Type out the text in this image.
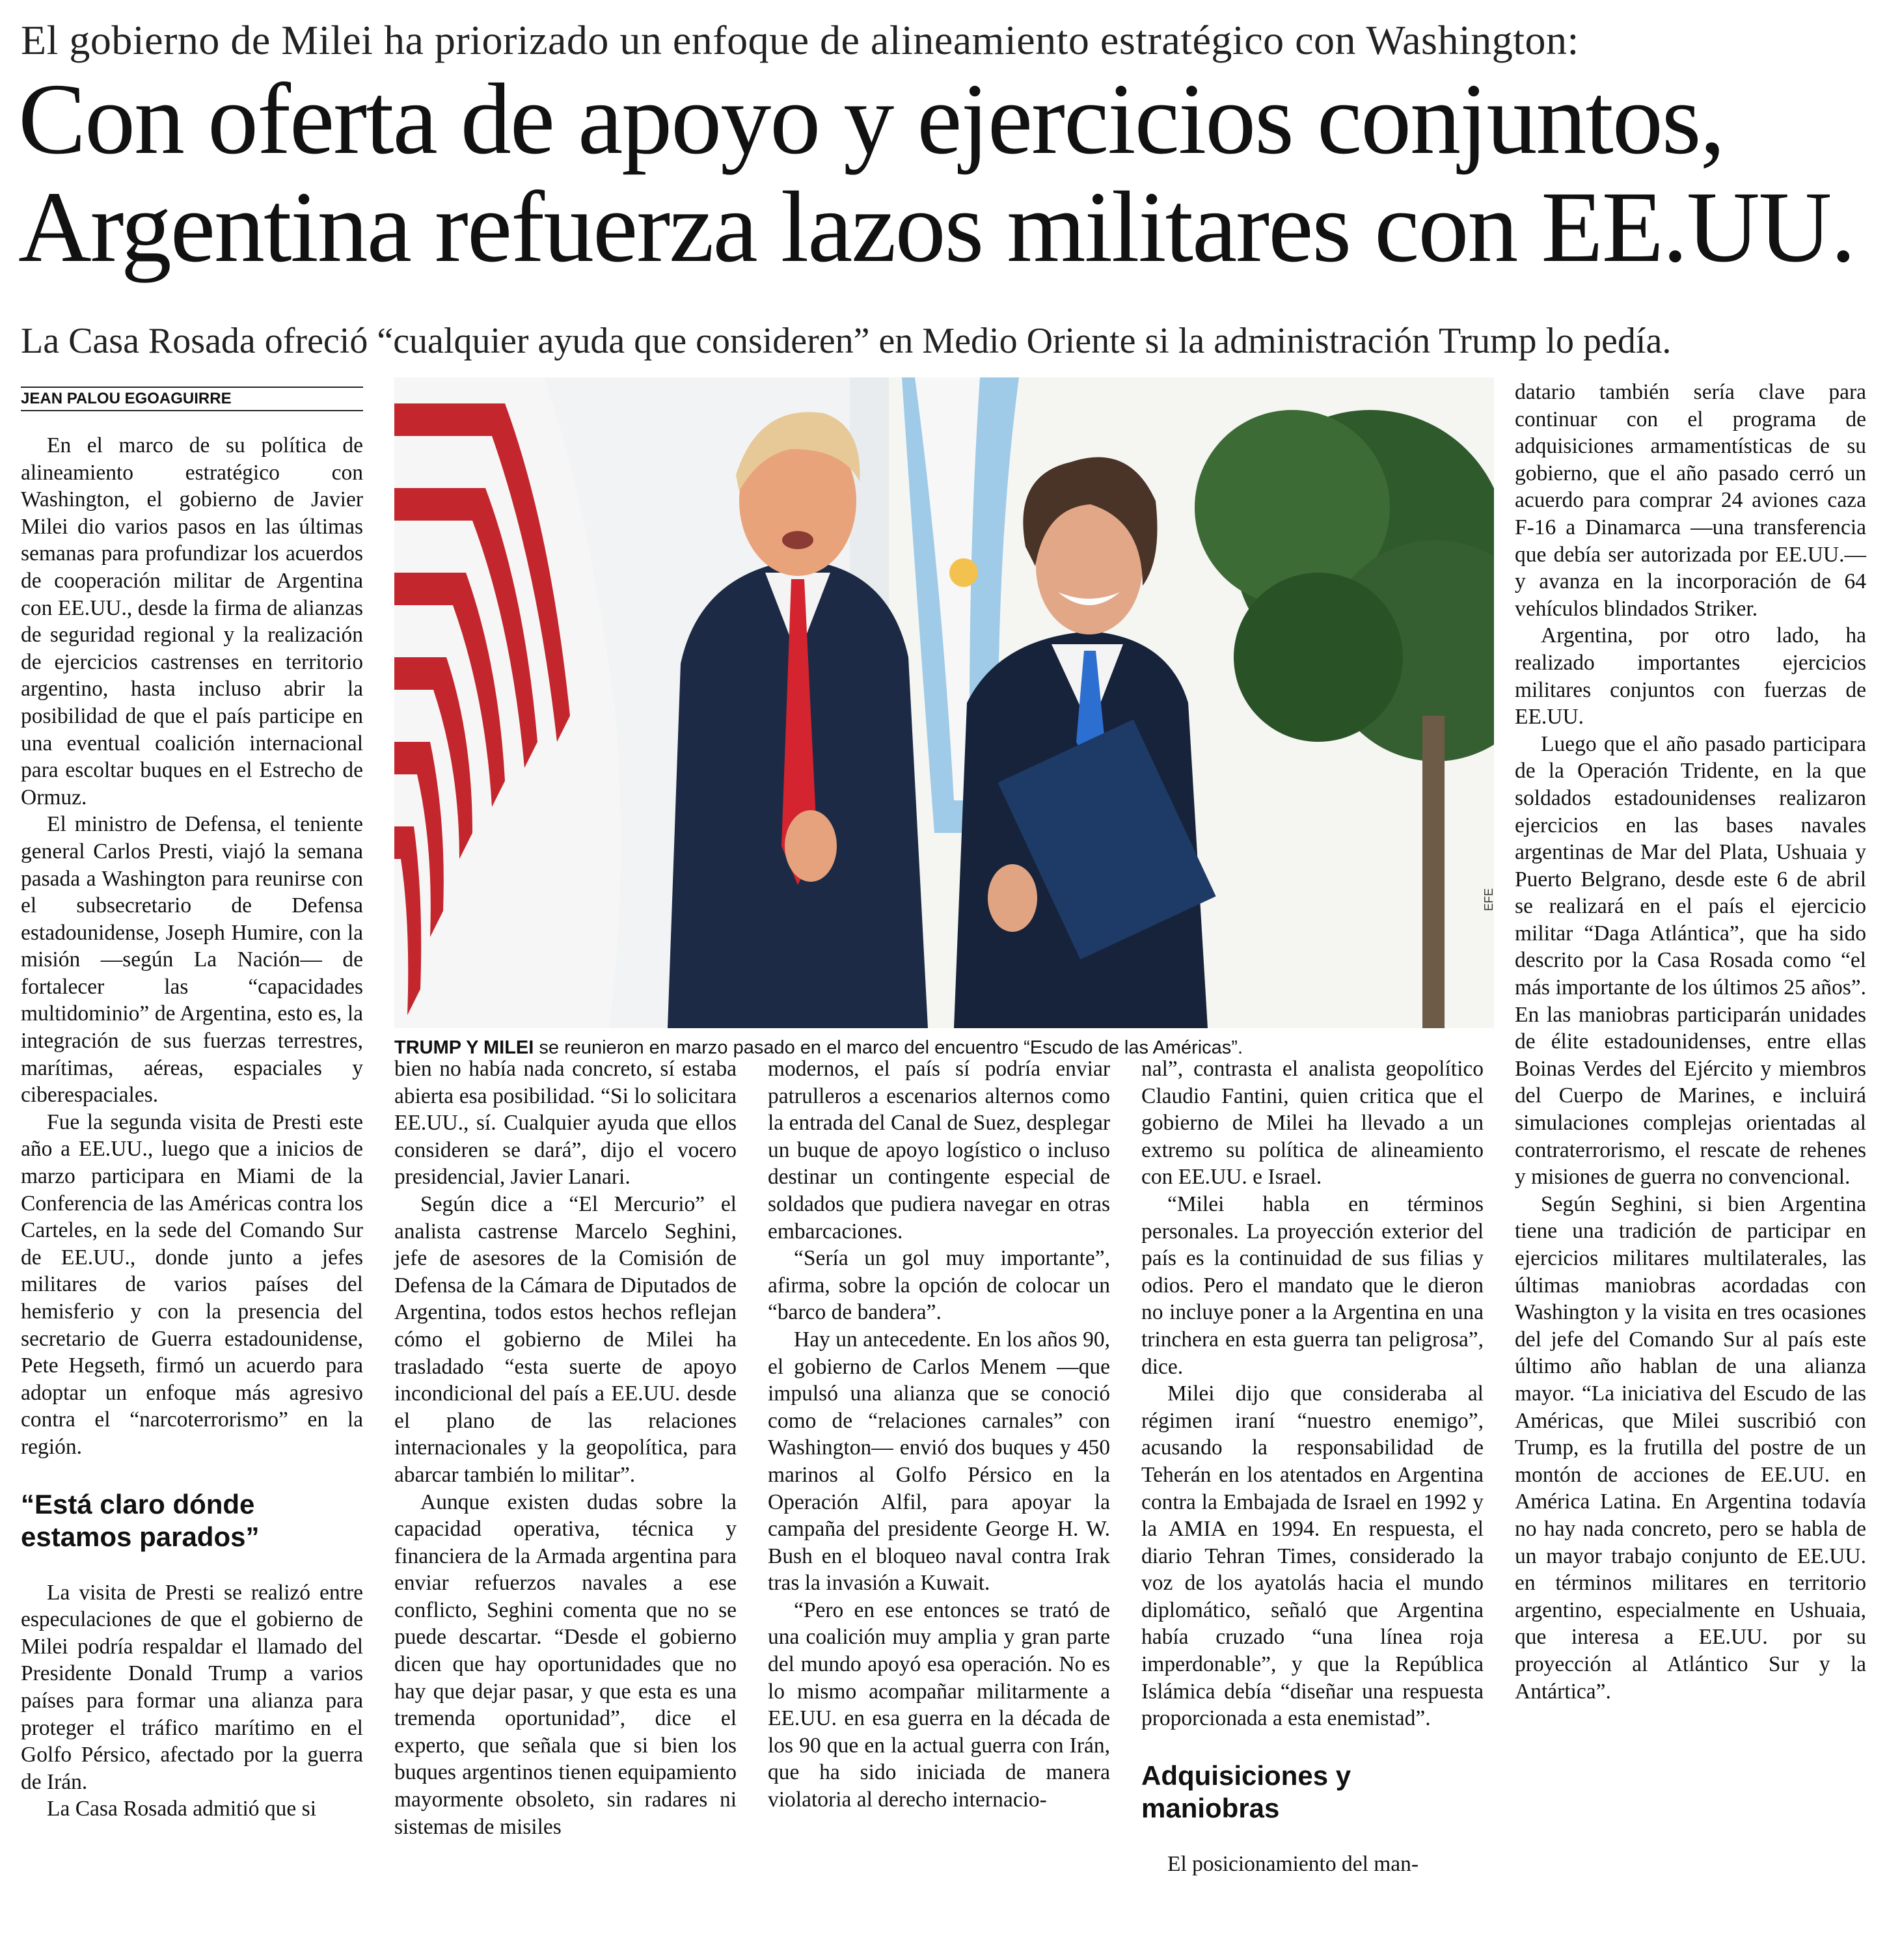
El gobierno de Milei ha priorizado un enfoque de alineamiento estratégico con Washington:
Con oferta de apoyo y ejercicios conjuntos,
Argentina refuerza lazos militares con EE.UU.
La Casa Rosada ofreció “cualquier ayuda que consideren” en Medio Oriente si la administración Trump lo pedía.
JEAN PALOU EGOAGUIRRE

En el marco de su política de alineamiento estratégico con Washington, el gobierno de Javier Milei dio varios pasos en las últimas semanas para profundizar los acuerdos de cooperación militar de Argentina con EE.UU., desde la firma de alianzas de seguridad regional y la realización de ejercicios castrenses en territorio argentino, hasta incluso abrir la posibilidad de que el país participe en una eventual coalición internacional para escoltar buques en el Estrecho de Ormuz.

El ministro de Defensa, el teniente general Carlos Presti, viajó la semana pasada a Washington para reunirse con el subsecretario de Defensa estadounidense, Joseph Humire, con la misión —según La Nación— de fortalecer las “capacidades multidominio” de Argentina, esto es, la integración de sus fuerzas terrestres, marítimas, aéreas, espaciales y ciberespaciales.

Fue la segunda visita de Presti este año a EE.UU., luego que a inicios de marzo participara en Miami de la Conferencia de las Américas contra los Carteles, en la sede del Comando Sur de EE.UU., donde junto a jefes militares de varios países del hemisferio y con la presencia del secretario de Guerra estadounidense, Pete Hegseth, firmó un acuerdo para adoptar un enfoque más agresivo contra el “narcoterrorismo” en la región.

“Está claro dónde estamos parados”

La visita de Presti se realizó entre especulaciones de que el gobierno de Milei podría respaldar el llamado del Presidente Donald Trump a varios países para formar una alianza para proteger el tráfico marítimo en el Golfo Pérsico, afectado por la guerra de Irán.

La Casa Rosada admitió que si

EFE
TRUMP Y MILEI se reunieron en marzo pasado en el marco del encuentro “Escudo de las Américas”.

bien no había nada concreto, sí estaba abierta esa posibilidad. “Si lo solicitara EE.UU., sí. Cualquier ayuda que ellos consideren se dará”, dijo el vocero presidencial, Javier Lanari.

Según dice a “El Mercurio” el analista castrense Marcelo Seghini, jefe de asesores de la Comisión de Defensa de la Cámara de Diputados de Argentina, todos estos hechos reflejan cómo el gobierno de Milei ha trasladado “esta suerte de apoyo incondicional del país a EE.UU. desde el plano de las relaciones internacionales y la geopolítica, para abarcar también lo militar”.

Aunque existen dudas sobre la capacidad operativa, técnica y financiera de la Armada argentina para enviar refuerzos navales a ese conflicto, Seghini comenta que no se puede descartar. “Desde el gobierno dicen que hay oportunidades que no hay que dejar pasar, y que esta es una tremenda oportunidad”, dice el experto, que señala que si bien los buques argentinos tienen equipamiento mayormente obsoleto, sin radares ni sistemas de misiles

modernos, el país sí podría enviar patrulleros a escenarios alternos como la entrada del Canal de Suez, desplegar un buque de apoyo logístico o incluso destinar un contingente especial de soldados que pudiera navegar en otras embarcaciones.

“Sería un gol muy importante”, afirma, sobre la opción de colocar un “barco de bandera”.

Hay un antecedente. En los años 90, el gobierno de Carlos Menem —que impulsó una alianza que se conoció como de “relaciones carnales” con Washington— envió dos buques y 450 marinos al Golfo Pérsico en la Operación Alfil, para apoyar la campaña del presidente George H. W. Bush en el bloqueo naval contra Irak tras la invasión a Kuwait.

“Pero en ese entonces se trató de una coalición muy amplia y gran parte del mundo apoyó esa operación. No es lo mismo acompañar militarmente a EE.UU. en esa guerra en la década de los 90 que en la actual guerra con Irán, que ha sido iniciada de manera violatoria al derecho internacio-

nal”, contrasta el analista geopolítico Claudio Fantini, quien critica que el gobierno de Milei ha llevado a un extremo su política de alineamiento con EE.UU. e Israel.

“Milei habla en términos personales. La proyección exterior del país es la continuidad de sus filias y odios. Pero el mandato que le dieron no incluye poner a la Argentina en una trinchera en esta guerra tan peligrosa”, dice.

Milei dijo que consideraba al régimen iraní “nuestro enemigo”, acusando la responsabilidad de Teherán en los atentados en Argentina contra la Embajada de Israel en 1992 y la AMIA en 1994. En respuesta, el diario Tehran Times, considerado la voz de los ayatolás hacia el mundo diplomático, señaló que Argentina había cruzado “una línea roja imperdonable”, y que la República Islámica debía “diseñar una respuesta proporcionada a esta enemistad”.

Adquisiciones y maniobras

El posicionamiento del man-

datario también sería clave para continuar con el programa de adquisiciones armamentísticas de su gobierno, que el año pasado cerró un acuerdo para comprar 24 aviones caza F-16 a Dinamarca —una transferencia que debía ser autorizada por EE.UU.— y avanza en la incorporación de 64 vehículos blindados Striker.

Argentina, por otro lado, ha realizado importantes ejercicios militares conjuntos con fuerzas de EE.UU.

Luego que el año pasado participara de la Operación Tridente, en la que soldados estadounidenses realizaron ejercicios en las bases navales argentinas de Mar del Plata, Ushuaia y Puerto Belgrano, desde este 6 de abril se realizará en el país el ejercicio militar “Daga Atlántica”, que ha sido descrito por la Casa Rosada como “el más importante de los últimos 25 años”. En las maniobras participarán unidades de élite estadounidenses, entre ellas Boinas Verdes del Ejército y miembros del Cuerpo de Marines, e incluirá simulaciones complejas orientadas al contraterrorismo, el rescate de rehenes y misiones de guerra no convencional.

Según Seghini, si bien Argentina tiene una tradición de participar en ejercicios militares multilaterales, las últimas maniobras acordadas con Washington y la visita en tres ocasiones del jefe del Comando Sur al país este último año hablan de una alianza mayor. “La iniciativa del Escudo de las Américas, que Milei suscribió con Trump, es la frutilla del postre de un montón de acciones de EE.UU. en América Latina. En Argentina todavía no hay nada concreto, pero se habla de un mayor trabajo conjunto de EE.UU. en términos militares en territorio argentino, especialmente en Ushuaia, que interesa a EE.UU. por su proyección al Atlántico Sur y la Antártica”.
